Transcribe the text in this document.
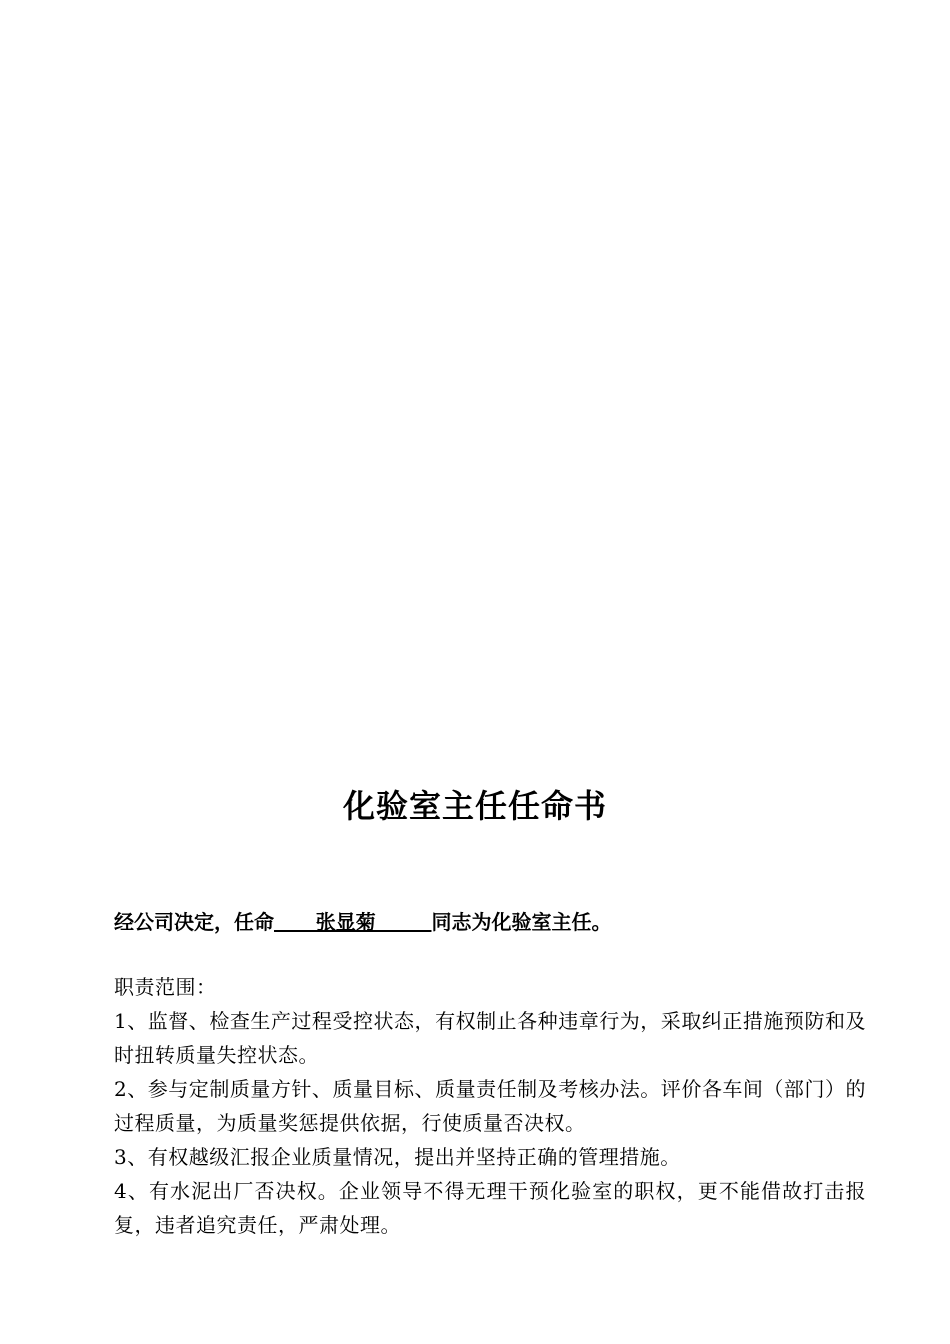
化验室主任任命书
经公司决定，任命      张显菊        同志为化验室主任。

职责范围：

1、监督、检查生产过程受控状态，有权制止各种违章行为，采取纠正措施预防和及时扭转质量失控状态。

2、参与定制质量方针、质量目标、质量责任制及考核办法。评价各车间（部门）的过程质量，为质量奖惩提供依据，行使质量否决权。

3、有权越级汇报企业质量情况，提出并坚持正确的管理措施。

4、有水泥出厂否决权。企业领导不得无理干预化验室的职权，更不能借故打击报复，违者追究责任，严肃处理。
